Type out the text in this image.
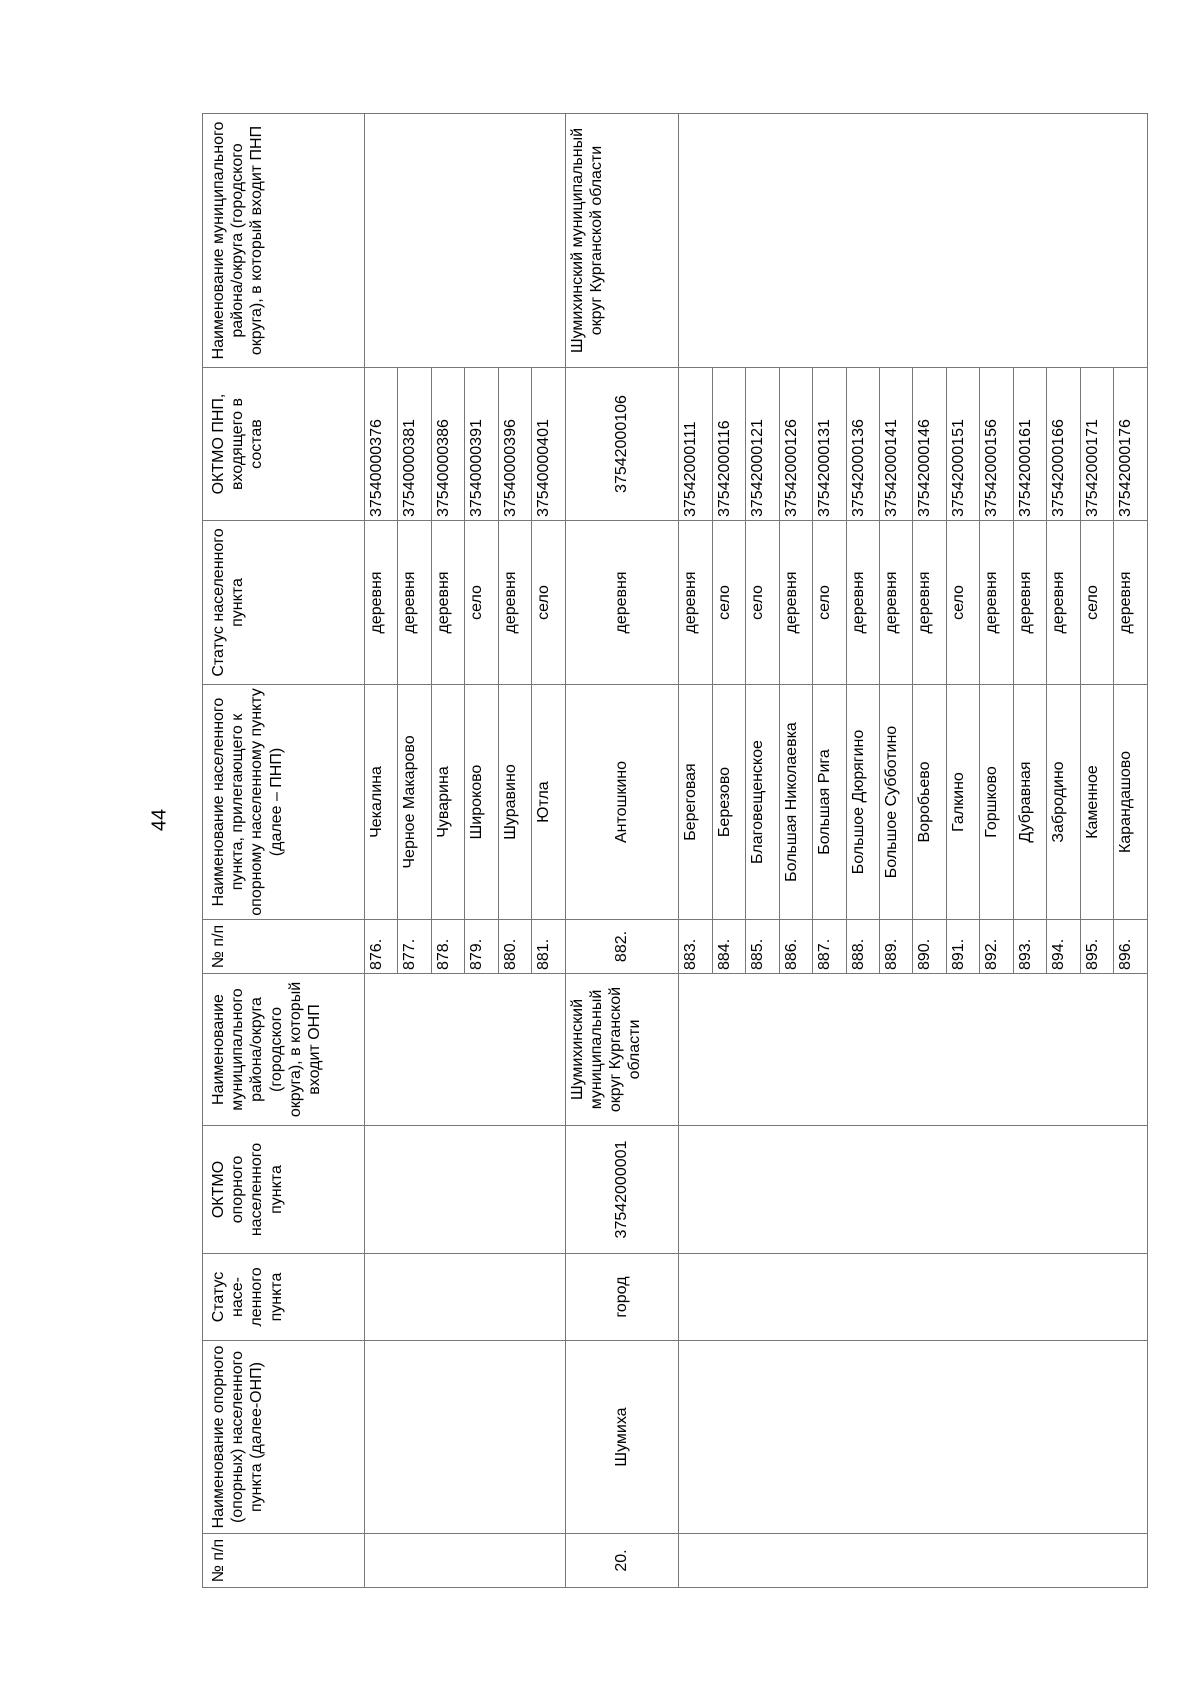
44
№ п/п	Наименование опорного (опорных) населенного пункта (далее-ОНП)	Статус насе-ленного пункта	ОКТМО опорного населенного пункта	Наименование муниципального района/округа (городского округа), в который входит ОНП	№ п/п	Наименование населенного пункта, прилегающего к опорному населенному пункту (далее – ПНП)	Статус населенного пункта	ОКТМО ПНП, входящего в состав	Наименование муниципального района/округа (городского округа), в который входит ПНП
					876.	Чекалина	деревня	37540000376	
					877.	Черное Макарово	деревня	37540000381	
					878.	Чуварина	деревня	37540000386	
					879.	Широково	село	37540000391	
					880.	Шуравино	деревня	37540000396	
					881.	Ютла	село	37540000401	
20.	Шумиха	город	37542000001	Шумихинский муниципальный округ Курганской области	882.	Антошкино	деревня	37542000106	Шумихинский муниципальный округ Курганской области
					883.	Береговая	деревня	37542000111	
					884.	Березово	село	37542000116	
					885.	Благовещенское	село	37542000121	
					886.	Большая Николаевка	деревня	37542000126	
					887.	Большая Рига	село	37542000131	
					888.	Большое Дюрягино	деревня	37542000136	
					889.	Большое Субботино	деревня	37542000141	
					890.	Воробьево	деревня	37542000146	
					891.	Галкино	село	37542000151	
					892.	Горшково	деревня	37542000156	
					893.	Дубравная	деревня	37542000161	
					894.	Забродино	деревня	37542000166	
					895.	Каменное	село	37542000171	
					896.	Карандашово	деревня	37542000176	
